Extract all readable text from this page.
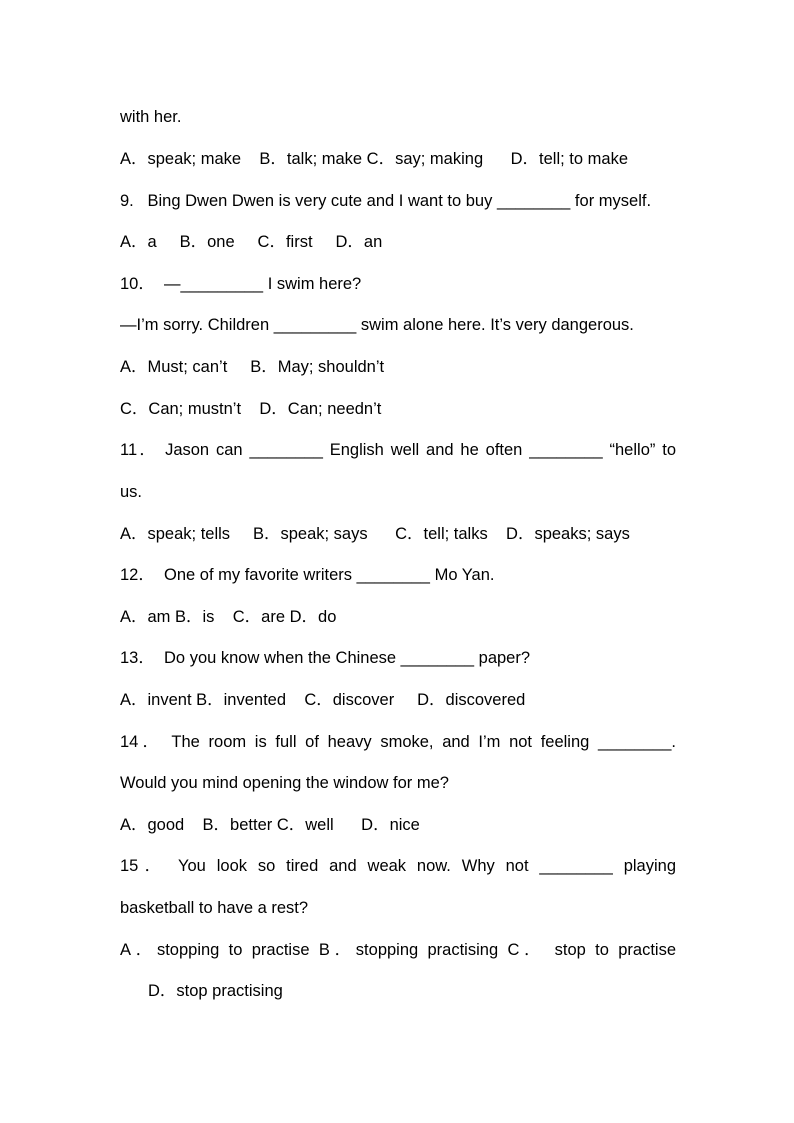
with her.
A．speak; make    B．talk; make C．say; making      D．tell; to make
9.   Bing Dwen Dwen is very cute and I want to buy ________ for myself.
A．a     B．one     C．first     D．an
10．  —_________ I swim here?
—I’m sorry. Children _________ swim alone here. It’s very dangerous.
A．Must; can’t     B．May; shouldn’t
C．Can; mustn’t    D．Can; needn’t
11． Jason can ________ English well and he often ________ “hello” to
us.
A．speak; tells     B．speak; says      C．tell; talks    D．speaks; says
12．  One of my favorite writers ________ Mo Yan.
A．am B．is    C．are D．do
13．  Do you know when the Chinese ________ paper?
A．invent B．invented    C．discover     D．discovered
14． The room is full of heavy smoke, and I’m not feeling ________.
Would you mind opening the window for me?
A．good    B．better C．well      D．nice
15． You look so tired and weak now. Why not ________ playing
basketball to have a rest?
A．stopping to practise B．stopping practising C． stop to practise
D．stop practising
